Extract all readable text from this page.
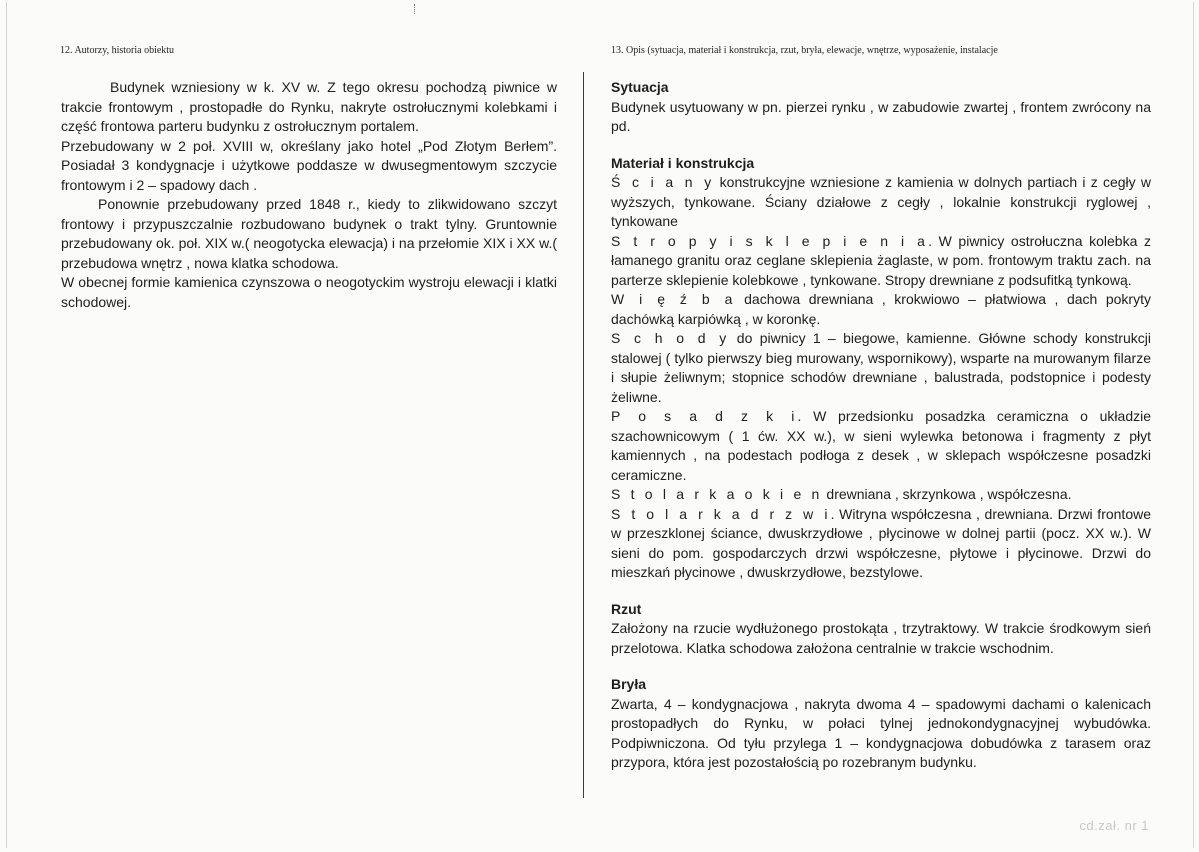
12. Autorzy, historia obiektu

Budynek wzniesiony w k. XV w. Z tego okresu pochodzą piwnice w trakcie frontowym , prostopadłe do Rynku, nakryte ostrołucznymi kolebkami i część frontowa parteru budynku z ostrołucznym portalem.

Przebudowany w 2 poł. XVIII w, określany jako hotel „Pod Złotym Berłem”. Posiadał 3 kondygnacje i użytkowe poddasze w dwusegmentowym szczycie frontowym i 2 – spadowy dach .

Ponownie przebudowany przed 1848 r., kiedy to zlikwidowano szczyt frontowy i przypuszczalnie rozbudowano budynek o trakt tylny. Gruntownie przebudowany ok. poł. XIX w.( neogotycka elewacja) i na przełomie XIX i XX w.( przebudowa wnętrz , nowa klatka schodowa.

W obecnej formie kamienica czynszowa o neogotyckim wystroju elewacji i klatki schodowej.

13. Opis (sytuacja, materiał i konstrukcja, rzut, bryła, elewacje, wnętrze, wyposażenie, instalacje
Sytuacja

Budynek usytuowany w pn. pierzei rynku , w zabudowie zwartej , frontem zwrócony na pd.

Materiał i konstrukcja

Ś c i a n y konstrukcyjne wzniesione z kamienia w dolnych partiach i z cegły w wyższych, tynkowane. Ściany działowe z cegły , lokalnie konstrukcji ryglowej , tynkowane

S t r o p y i s k l e p i e n i a. W piwnicy ostrołuczna kolebka z łamanego granitu oraz ceglane sklepienia żaglaste, w pom. frontowym traktu zach. na parterze sklepienie kolebkowe , tynkowane. Stropy drewniane z podsufitką tynkową.

W i ę ź b a dachowa drewniana , krokwiowo – płatwiowa , dach pokryty dachówką karpiówką , w koronkę.

S c h o d y do piwnicy 1 – biegowe, kamienne. Główne schody konstrukcji stalowej ( tylko pierwszy bieg murowany, wspornikowy), wsparte na murowanym filarze i słupie żeliwnym; stopnice schodów drewniane , balustrada, podstopnice i podesty żeliwne.

P o s a d z k i. W przedsionku posadzka ceramiczna o układzie szachownicowym ( 1 ćw. XX w.), w sieni wylewka betonowa i fragmenty z płyt kamiennych , na podestach podłoga z desek , w sklepach współczesne posadzki ceramiczne.

S t o l a r k a o k i e n drewniana , skrzynkowa , współczesna.

S t o l a r k a d r z w i. Witryna współczesna , drewniana. Drzwi frontowe w przeszklonej ściance, dwuskrzydłowe , płycinowe w dolnej partii (pocz. XX w.). W sieni do pom. gospodarczych drzwi współczesne, płytowe i płycinowe. Drzwi do mieszkań płycinowe , dwuskrzydłowe, bezstylowe.

Rzut

Założony na rzucie wydłużonego prostokąta , trzytraktowy. W trakcie środkowym sień przelotowa. Klatka schodowa założona centralnie w trakcie wschodnim.

Bryła

Zwarta, 4 – kondygnacjowa , nakryta dwoma 4 – spadowymi dachami o kalenicach prostopadłych do Rynku, w połaci tylnej jednokondygnacyjnej wybudówka. Podpiwniczona. Od tyłu przylega 1 – kondygnacjowa dobudówka z tarasem oraz przypora, która jest pozostałością po rozebranym budynku.

cd.zał. nr 1
